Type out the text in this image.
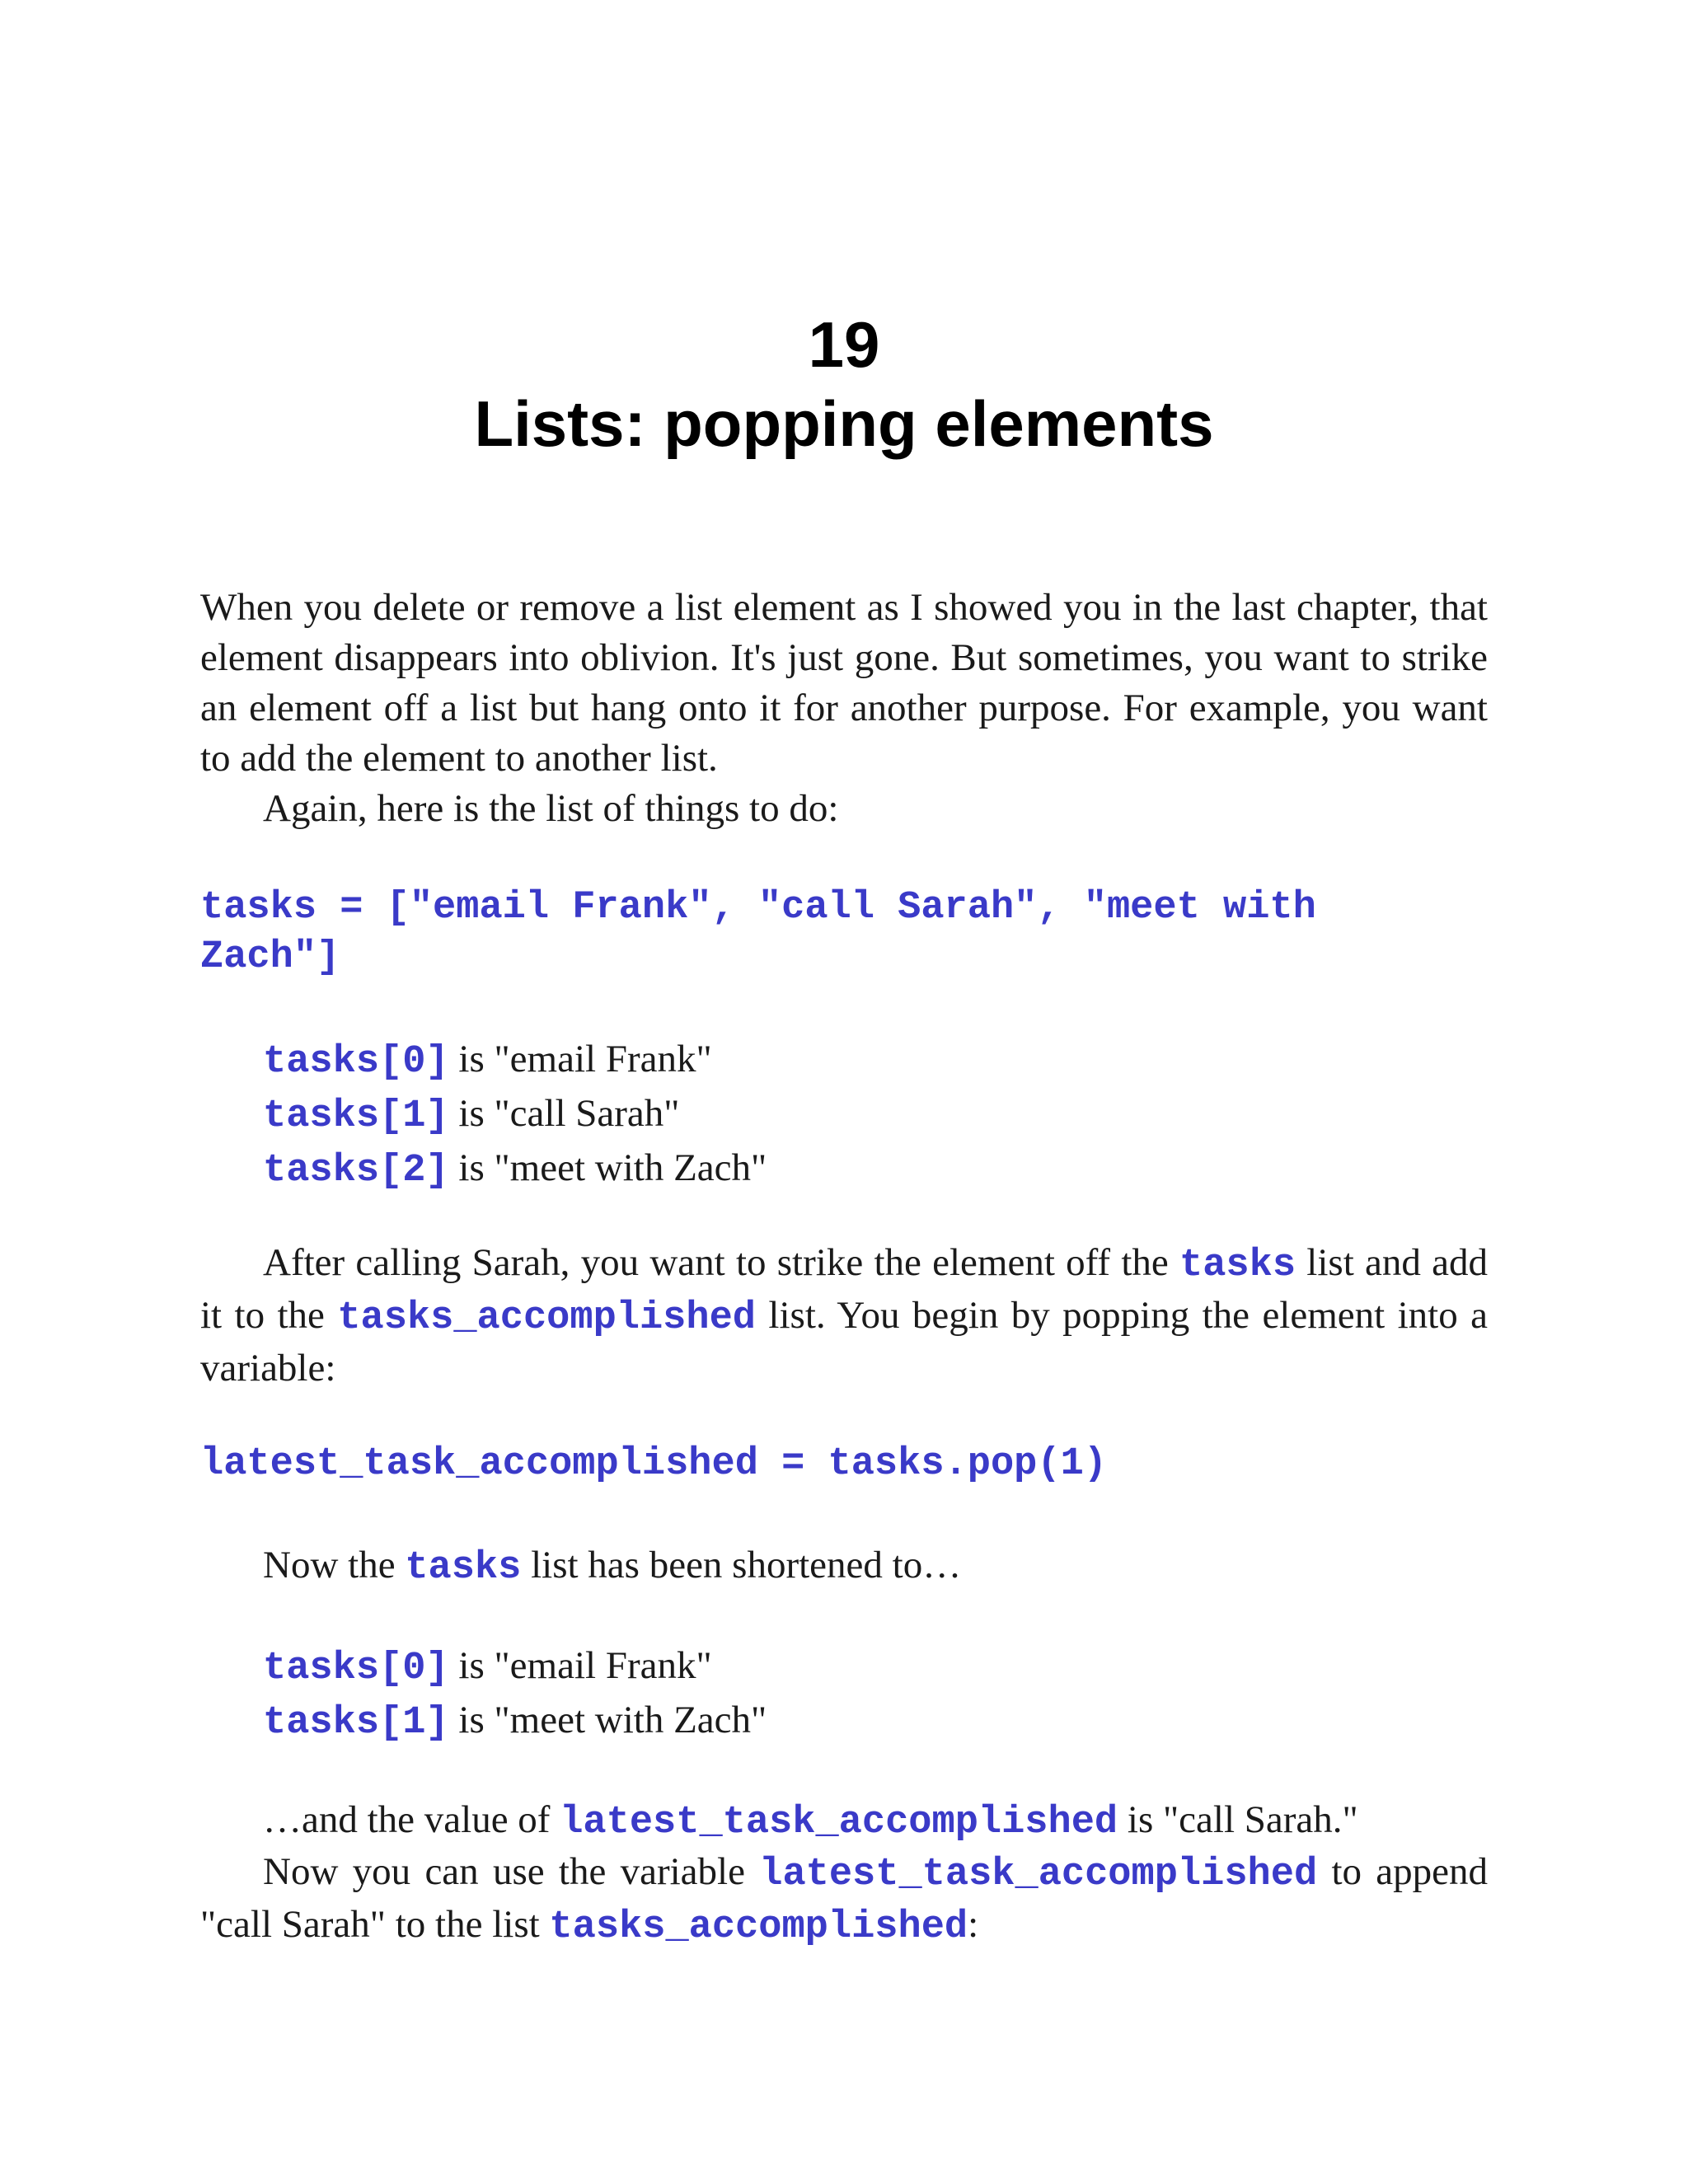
19
Lists: popping elements
When you delete or remove a list element as I showed you in the last chapter, that element disappears into oblivion. It's just gone. But sometimes, you want to strike an element off a list but hang onto it for another purpose. For example, you want to add the element to another list.
Again, here is the list of things to do:
tasks = ["email Frank", "call Sarah", "meet with
Zach"]
tasks[0] is "email Frank"
tasks[1] is "call Sarah"
tasks[2] is "meet with Zach"
After calling Sarah, you want to strike the element off the tasks list and add it to the tasks_accomplished list. You begin by popping the element into a variable:
latest_task_accomplished = tasks.pop(1)
Now the tasks list has been shortened to…
tasks[0] is "email Frank"
tasks[1] is "meet with Zach"
…and the value of latest_task_accomplished is "call Sarah."
Now you can use the variable latest_task_accomplished to append "call Sarah" to the list tasks_accomplished:
